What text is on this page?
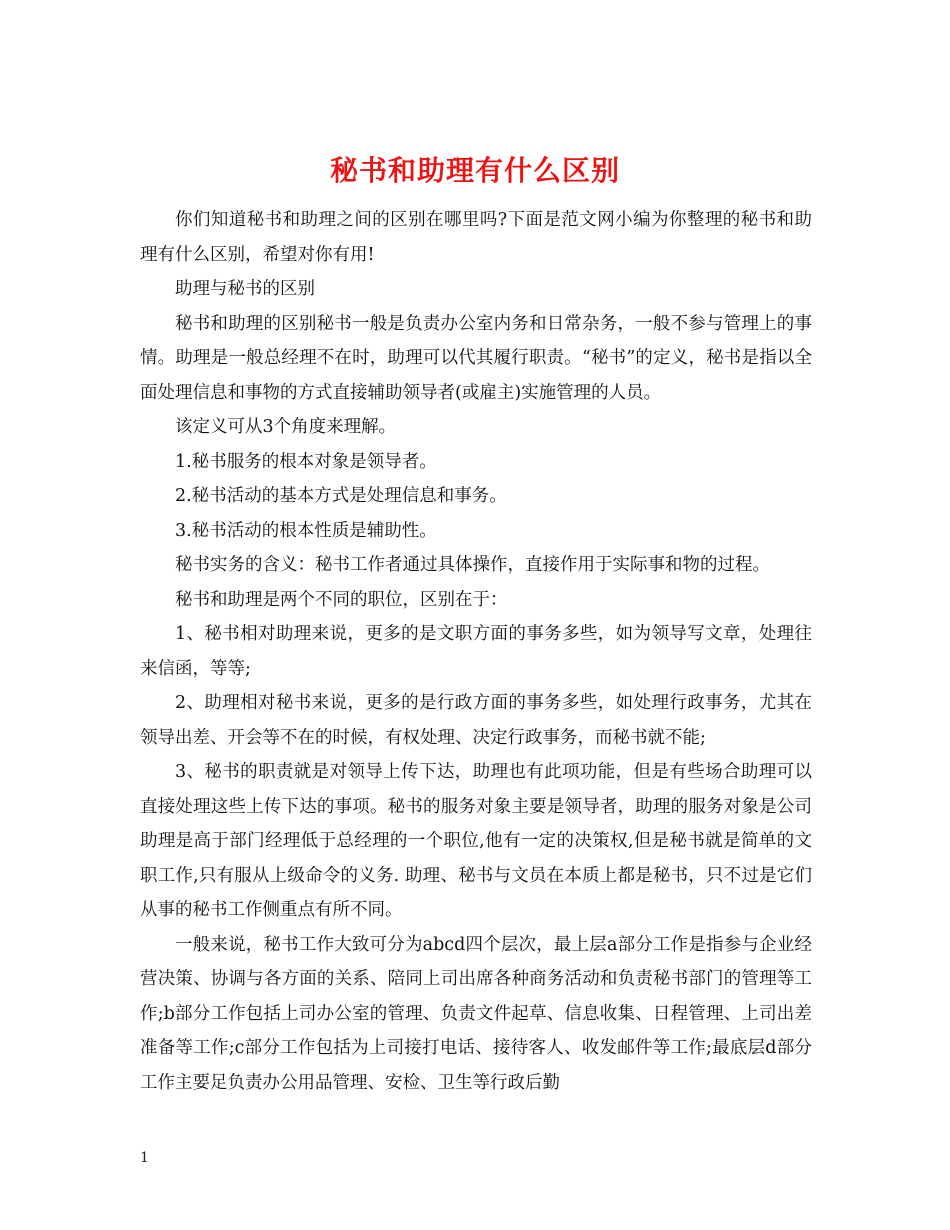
秘书和助理有什么区别

你们知道秘书和助理之间的区别在哪里吗?下面是范文网小编为你整理的秘书和助理有什么区别，希望对你有用!

助理与秘书的区别

秘书和助理的区别秘书一般是负责办公室内务和日常杂务，一般不参与管理上的事情。助理是一般总经理不在时，助理可以代其履行职责。“秘书”的定义，秘书是指以全面处理信息和事物的方式直接辅助领导者(或雇主)实施管理的人员。

该定义可从3个角度来理解。

1.秘书服务的根本对象是领导者。

2.秘书活动的基本方式是处理信息和事务。

3.秘书活动的根本性质是辅助性。

秘书实务的含义：秘书工作者通过具体操作，直接作用于实际事和物的过程。

秘书和助理是两个不同的职位，区别在于：

1、秘书相对助理来说，更多的是文职方面的事务多些，如为领导写文章，处理往来信函，等等;

2、助理相对秘书来说，更多的是行政方面的事务多些，如处理行政事务，尤其在领导出差、开会等不在的时候，有权处理、决定行政事务，而秘书就不能;

3、秘书的职责就是对领导上传下达，助理也有此项功能，但是有些场合助理可以直接处理这些上传下达的事项。秘书的服务对象主要是领导者，助理的服务对象是公司助理是高于部门经理低于总经理的一个职位,他有一定的决策权,但是秘书就是简单的文职工作,只有服从上级命令的义务. 助理、秘书与文员在本质上都是秘书，只不过是它们从事的秘书工作侧重点有所不同。

一般来说，秘书工作大致可分为abcd四个层次，最上层a部分工作是指参与企业经营决策、协调与各方面的关系、陪同上司出席各种商务活动和负责秘书部门的管理等工作;b部分工作包括上司办公室的管理、负责文件起草、信息收集、日程管理、上司出差准备等工作;c部分工作包括为上司接打电话、接待客人、收发邮件等工作;最底层d部分工作主要足负责办公用品管理、安检、卫生等行政后勤

1
